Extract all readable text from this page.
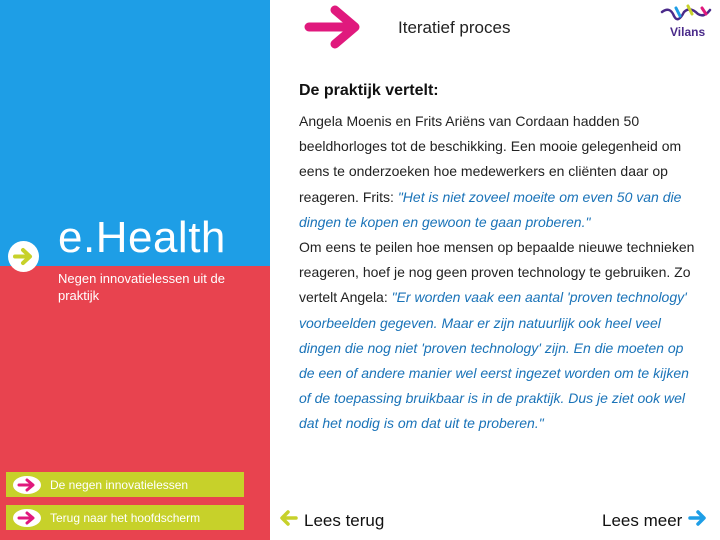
e.Health
Negen innovatielessen uit de praktijk
Iteratief proces	Vilans
De praktijk vertelt:

Angela Moenis en Frits Ariëns van Cordaan hadden 50 beeldhorloges tot de beschikking. Een mooie gelegenheid om eens te onderzoeken hoe medewerkers en cliënten daar op reageren. Frits: "Het is niet zoveel moeite om even 50 van die dingen te kopen en gewoon te gaan proberen."

Om eens te peilen hoe mensen op bepaalde nieuwe technieken reageren, hoef je nog geen proven technology te gebruiken. Zo vertelt Angela: "Er worden vaak een aantal 'proven technology' voorbeelden gegeven. Maar er zijn natuurlijk ook heel veel dingen die nog niet 'proven technology' zijn. En die moeten op de een of andere manier wel eerst ingezet worden om te kijken of de toepassing bruikbaar is in de praktijk. Dus je ziet ook wel dat het nodig is om dat uit te proberen."

De negen innovatielessen
Terug naar het hoofdscherm	Lees terug	Lees meer
